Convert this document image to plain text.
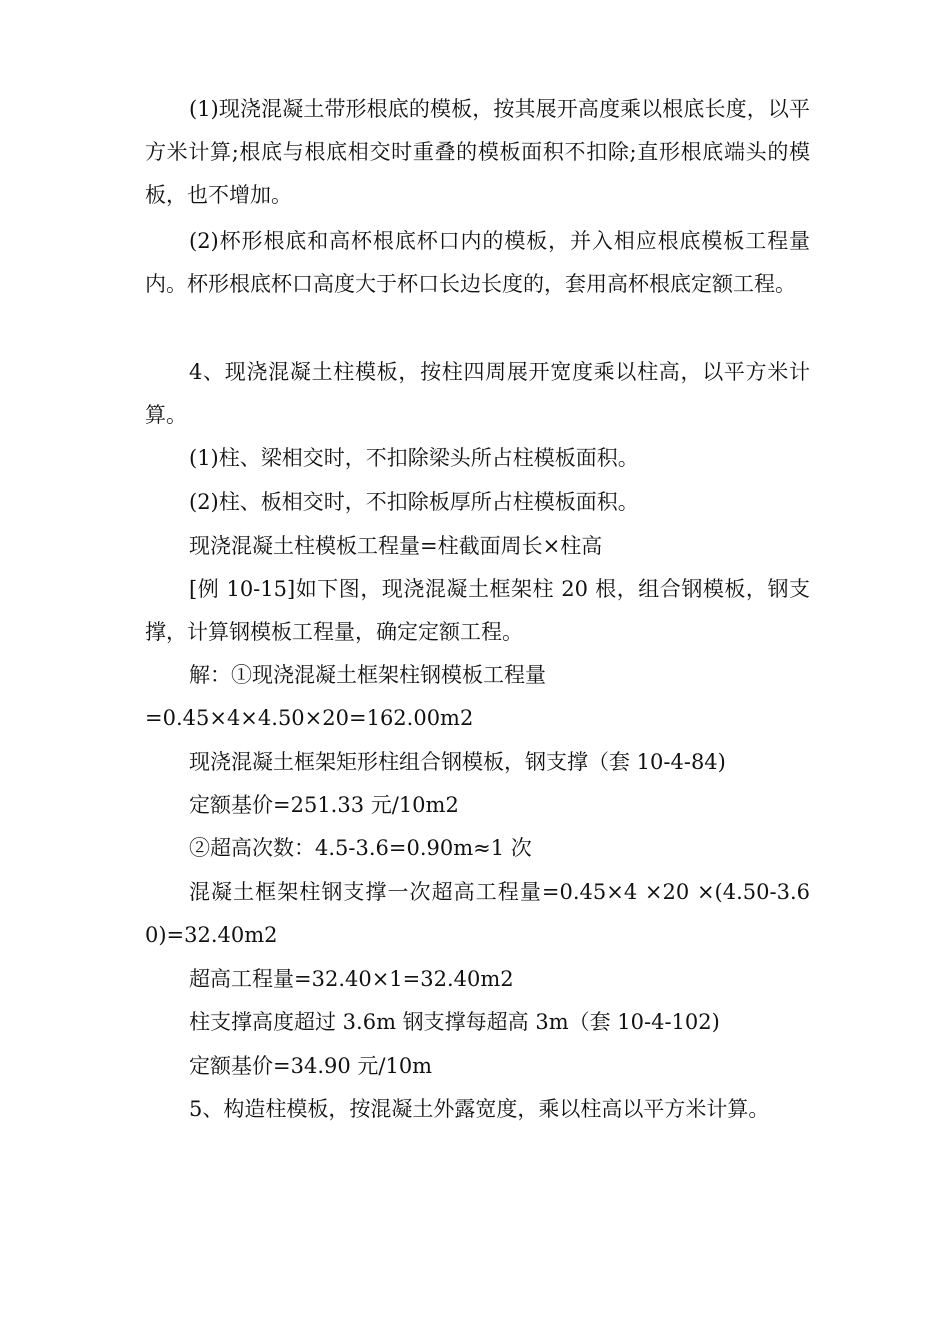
(1)现浇混凝土带形根底的模板，按其展开高度乘以根底长度，以平方米计算;根底与根底相交时重叠的模板面积不扣除;直形根底端头的模板，也不增加。

(2)杯形根底和高杯根底杯口内的模板，并入相应根底模板工程量内。杯形根底杯口高度大于杯口长边长度的，套用高杯根底定额工程。

4、现浇混凝土柱模板，按柱四周展开宽度乘以柱高，以平方米计算。

(1)柱、梁相交时，不扣除梁头所占柱模板面积。

(2)柱、板相交时，不扣除板厚所占柱模板面积。

现浇混凝土柱模板工程量=柱截面周长×柱高

[例 10-15]如下图，现浇混凝土框架柱 20 根，组合钢模板，钢支撑，计算钢模板工程量，确定定额工程。

解：①现浇混凝土框架柱钢模板工程量

=0.45×4×4.50×20=162.00m2

现浇混凝土框架矩形柱组合钢模板，钢支撑（套 10-4-84)

定额基价=251.33 元/10m2

②超高次数：4.5-3.6=0.90m≈1 次

混凝土框架柱钢支撑一次超高工程量=0.45×4 ×20 ×(4.50-3.60)=32.40m2

超高工程量=32.40×1=32.40m2

柱支撑高度超过 3.6m 钢支撑每超高 3m（套 10-4-102)

定额基价=34.90 元/10m

5、构造柱模板，按混凝土外露宽度，乘以柱高以平方米计算。
